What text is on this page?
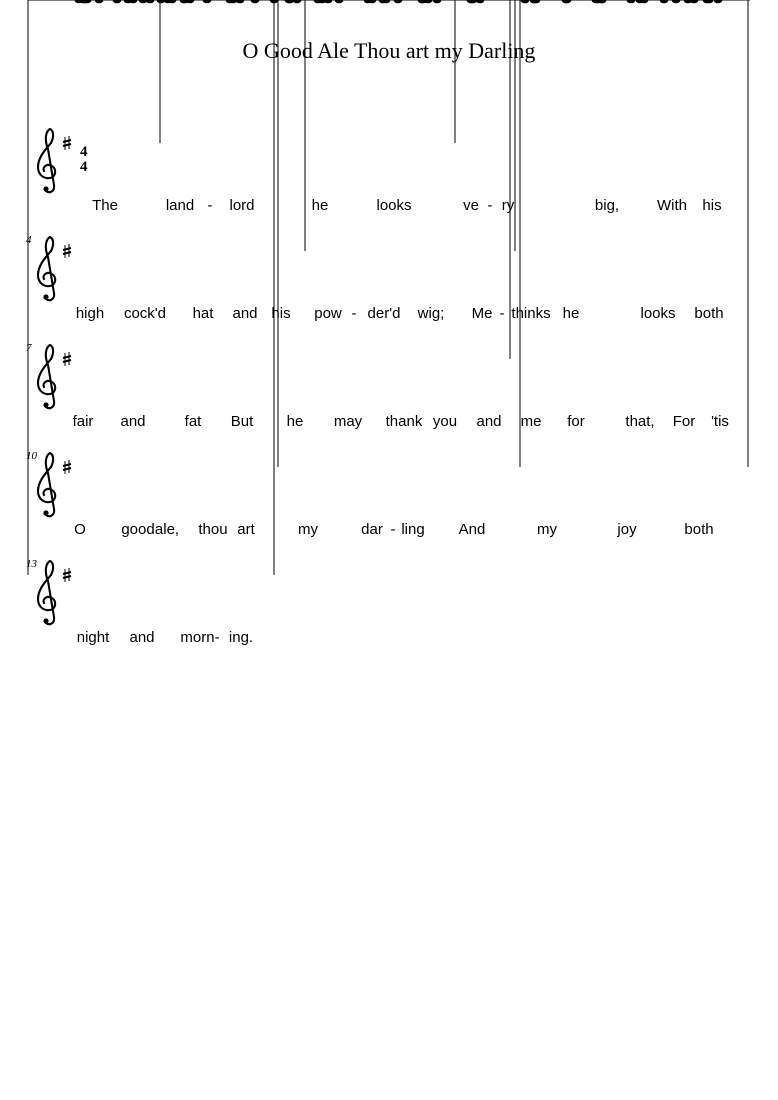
O Good Ale Thou art my Darling
4
4
4
7
10
13
The	land - lord	he	looks	ve - ry	big,	With his
high cock'd hat and his pow - der'd wig; Me - thinks he	looks both
fair and	fat But he may thank you and me for	that, For 'tis
O good ale, thou art	my	dar - ling And	my	joy	both
night and morn- ing.
